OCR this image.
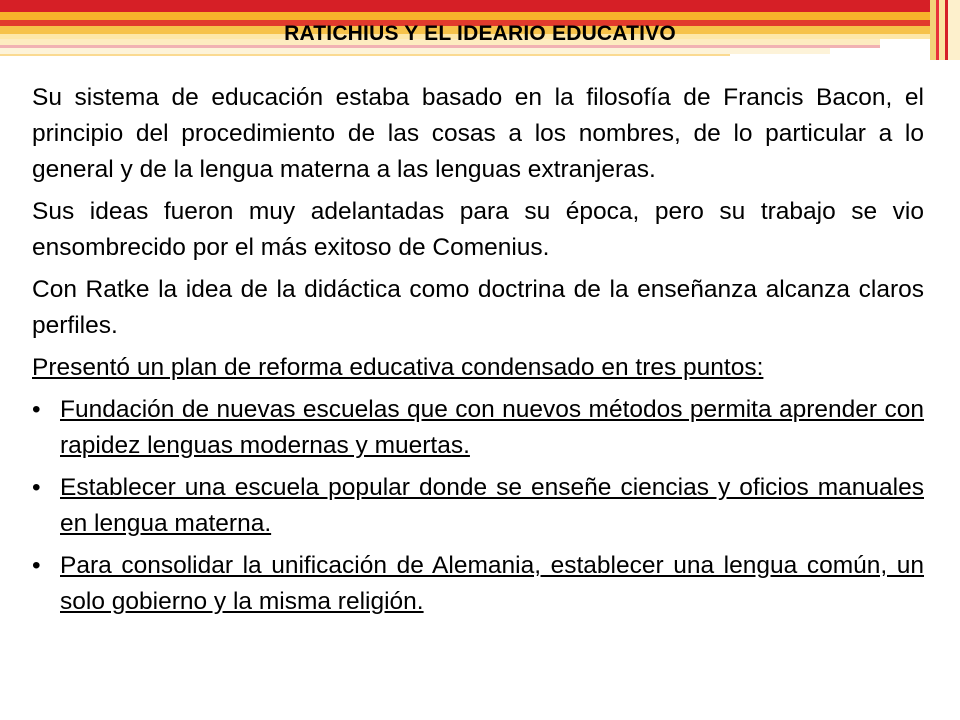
RATICHIUS Y EL IDEARIO EDUCATIVO

Su sistema de educación estaba basado en la filosofía de Francis Bacon, el principio del procedimiento de las cosas a los nombres, de lo particular a lo general y de la lengua materna a las lenguas extranjeras.

Sus ideas fueron muy adelantadas para su época, pero su trabajo se vio ensombrecido por el más exitoso de Comenius.

Con Ratke la idea de la didáctica como doctrina de la enseñanza alcanza claros perfiles.

Presentó un plan de reforma educativa condensado en tres puntos:

• Fundación de nuevas escuelas que con nuevos métodos permita aprender con rapidez lenguas modernas y muertas.
• Establecer una escuela popular donde se enseñe ciencias y oficios manuales en lengua materna.
• Para consolidar la unificación de Alemania, establecer una lengua común, un solo gobierno y la misma religión.
